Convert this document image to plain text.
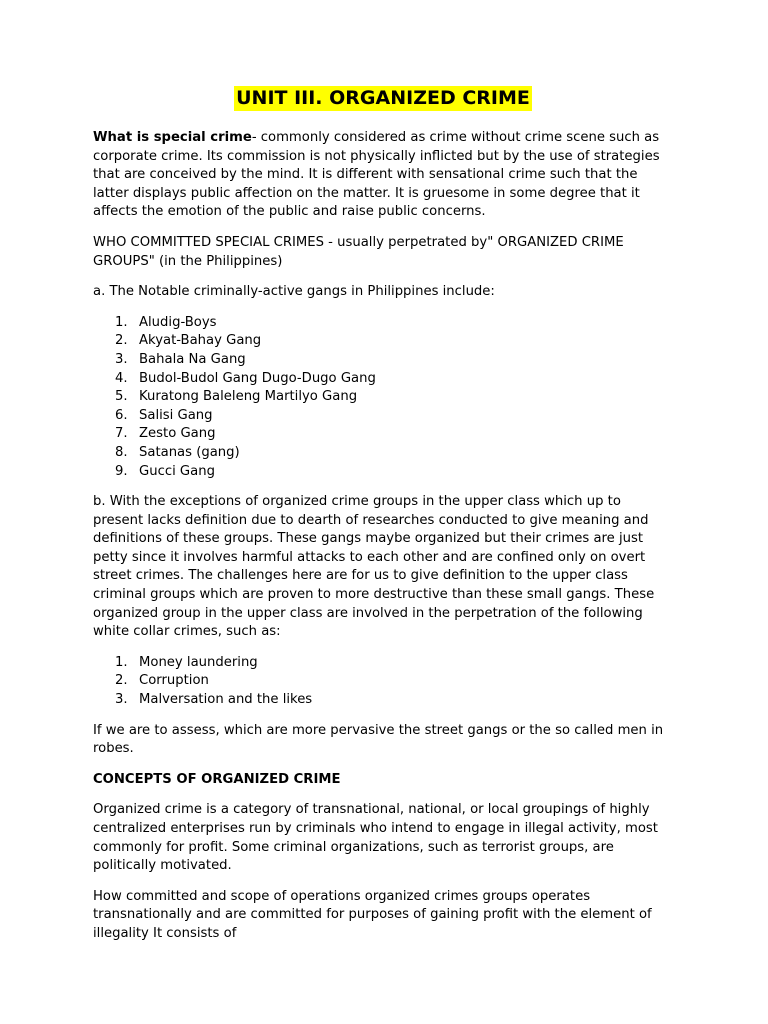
UNIT III. ORGANIZED CRIME

What is special crime- commonly considered as crime without crime scene such as corporate crime. Its commission is not physically inflicted but by the use of strategies that are conceived by the mind. It is different with sensational crime such that the latter displays public affection on the matter. It is gruesome in some degree that it affects the emotion of the public and raise public concerns.

WHO COMMITTED SPECIAL CRIMES - usually perpetrated by" ORGANIZED CRIME GROUPS" (in the Philippines)

a. The Notable criminally-active gangs in Philippines include:

1. Aludig-Boys
2. Akyat-Bahay Gang
3. Bahala Na Gang
4. Budol-Budol Gang Dugo-Dugo Gang
5. Kuratong Baleleng Martilyo Gang
6. Salisi Gang
7. Zesto Gang
8. Satanas (gang)
9. Gucci Gang

b. With the exceptions of organized crime groups in the upper class which up to present lacks definition due to dearth of researches conducted to give meaning and definitions of these groups. These gangs maybe organized but their crimes are just petty since it involves harmful attacks to each other and are confined only on overt street crimes. The challenges here are for us to give definition to the upper class criminal groups which are proven to more destructive than these small gangs. These organized group in the upper class are involved in the perpetration of the following white collar crimes, such as:

1. Money laundering
2. Corruption
3. Malversation and the likes

If we are to assess, which are more pervasive the street gangs or the so called men in robes.

CONCEPTS OF ORGANIZED CRIME

Organized crime is a category of transnational, national, or local groupings of highly centralized enterprises run by criminals who intend to engage in illegal activity, most commonly for profit. Some criminal organizations, such as terrorist groups, are politically motivated.

How committed and scope of operations organized crimes groups operates transnationally and are committed for purposes of gaining profit with the element of illegality It consists of
